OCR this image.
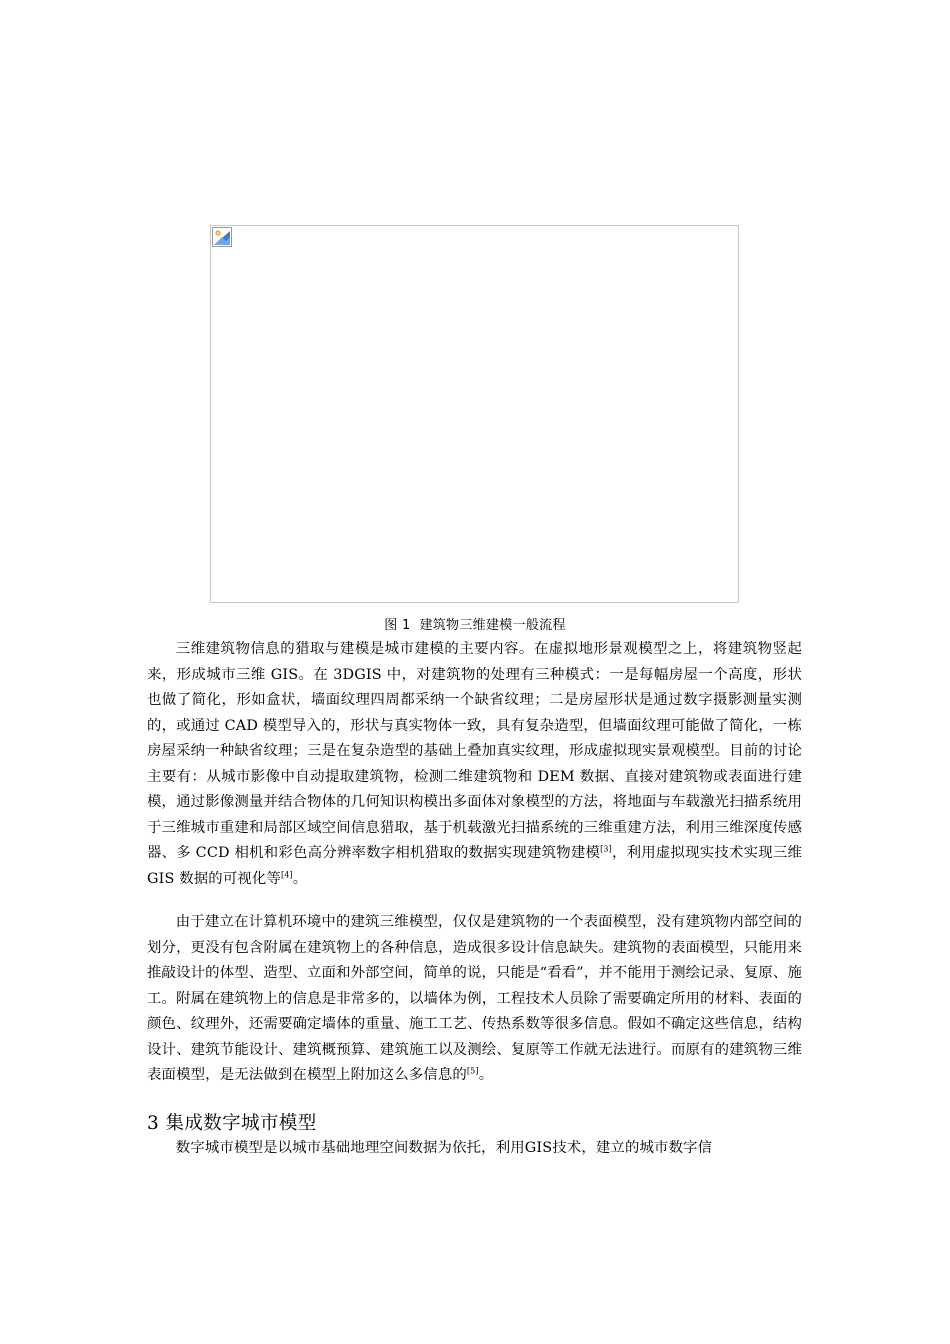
图 1 建筑物三维建模一般流程

三维建筑物信息的猎取与建模是城市建模的主要内容。在虚拟地形景观模型之上，将建筑物竖起来，形成城市三维 GIS。在 3DGIS 中，对建筑物的处理有三种模式：一是每幅房屋一个高度，形状也做了简化，形如盒状，墙面纹理四周都采纳一个缺省纹理；二是房屋形状是通过数字摄影测量实测的，或通过 CAD 模型导入的，形状与真实物体一致，具有复杂造型，但墙面纹理可能做了简化，一栋房屋采纳一种缺省纹理；三是在复杂造型的基础上叠加真实纹理，形成虚拟现实景观模型。目前的讨论主要有：从城市影像中自动提取建筑物，检测二维建筑物和 DEM 数据、直接对建筑物或表面进行建模，通过影像测量并结合物体的几何知识构模出多面体对象模型的方法，将地面与车载激光扫描系统用于三维城市重建和局部区域空间信息猎取，基于机载激光扫描系统的三维重建方法，利用三维深度传感器、多 CCD 相机和彩色高分辨率数字相机猎取的数据实现建筑物建模[3]，利用虚拟现实技术实现三维 GIS 数据的可视化等[4]。

由于建立在计算机环境中的建筑三维模型，仅仅是建筑物的一个表面模型，没有建筑物内部空间的划分，更没有包含附属在建筑物上的各种信息，造成很多设计信息缺失。建筑物的表面模型，只能用来推敲设计的体型、造型、立面和外部空间，简单的说，只能是“看看”，并不能用于测绘记录、复原、施工。附属在建筑物上的信息是非常多的，以墙体为例，工程技术人员除了需要确定所用的材料、表面的颜色、纹理外，还需要确定墙体的重量、施工工艺、传热系数等很多信息。假如不确定这些信息，结构设计、建筑节能设计、建筑概预算、建筑施工以及测绘、复原等工作就无法进行。而原有的建筑物三维表面模型，是无法做到在模型上附加这么多信息的[5]。

3 集成数字城市模型

数字城市模型是以城市基础地理空间数据为依托，利用GIS技术，建立的城市数字信
